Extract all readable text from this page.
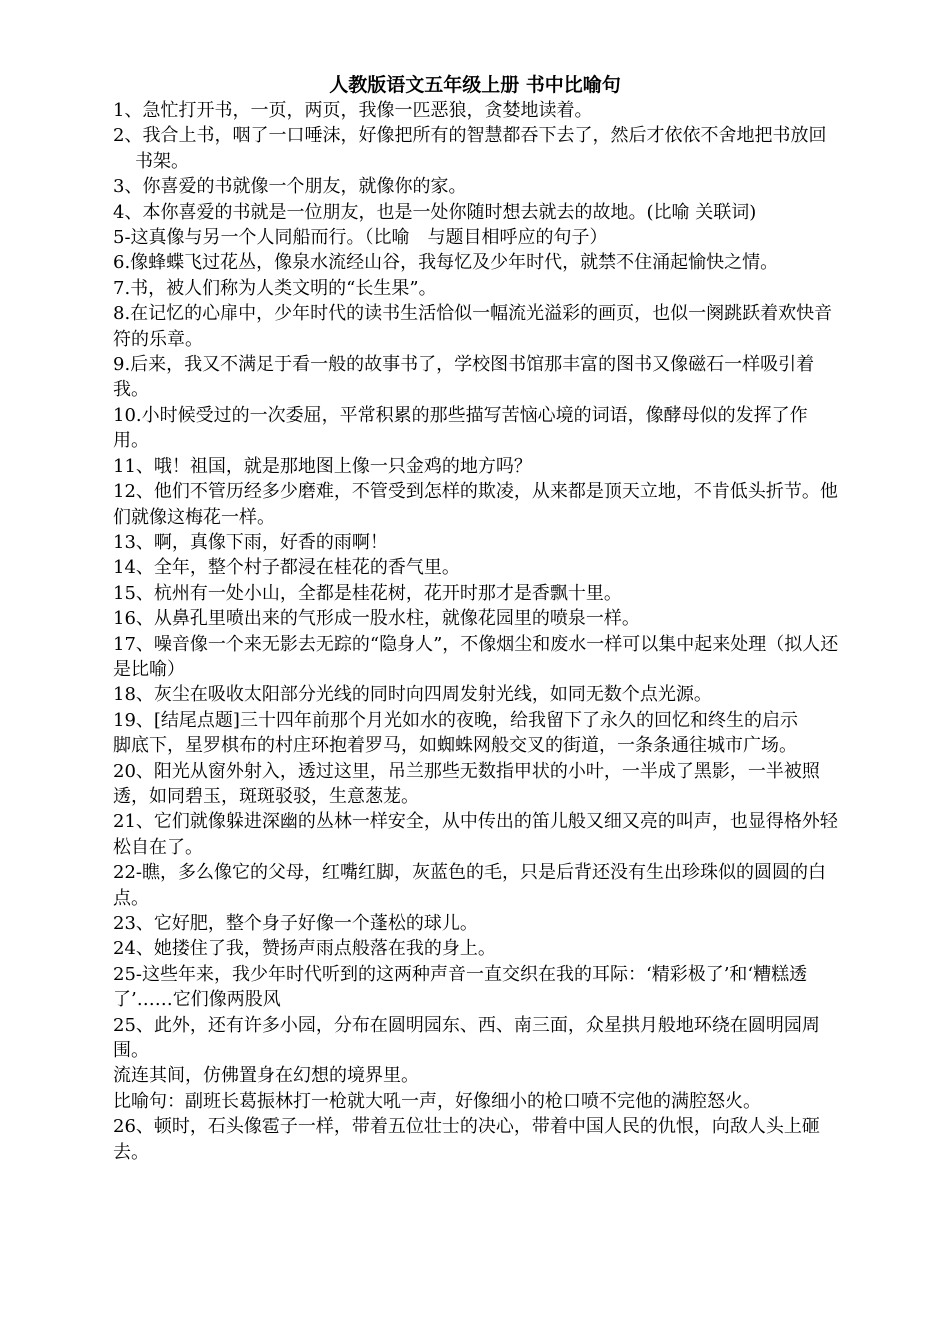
人教版语文五年级上册 书中比喻句

1、急忙打开书，一页，两页，我像一匹恶狼，贪婪地读着。

2、我合上书，咽了一口唾沫，好像把所有的智慧都吞下去了，然后才依依不舍地把书放回书架。

3、你喜爱的书就像一个朋友，就像你的家。

4、本你喜爱的书就是一位朋友，也是一处你随时想去就去的故地。(比喻 关联词)

5-这真像与另一个人同船而行。（比喻　与题目相呼应的句子）

6.像蜂蝶飞过花丛，像泉水流经山谷，我每忆及少年时代，就禁不住涌起愉快之情。

7.书，被人们称为人类文明的“长生果”。

8.在记忆的心扉中，少年时代的读书生活恰似一幅流光溢彩的画页，也似一阕跳跃着欢快音符的乐章。

9.后来，我又不满足于看一般的故事书了，学校图书馆那丰富的图书又像磁石一样吸引着我。

10.小时候受过的一次委屈，平常积累的那些描写苦恼心境的词语，像酵母似的发挥了作用。

11、哦！祖国，就是那地图上像一只金鸡的地方吗？

12、他们不管历经多少磨难，不管受到怎样的欺凌，从来都是顶天立地，不肯低头折节。他们就像这梅花一样。

13、啊，真像下雨，好香的雨啊！

14、全年，整个村子都浸在桂花的香气里。

15、杭州有一处小山，全都是桂花树，花开时那才是香飘十里。

16、从鼻孔里喷出来的气形成一股水柱，就像花园里的喷泉一样。

17、噪音像一个来无影去无踪的“隐身人”，不像烟尘和废水一样可以集中起来处理（拟人还是比喻）

18、灰尘在吸收太阳部分光线的同时向四周发射光线，如同无数个点光源。

19、[结尾点题]三十四年前那个月光如水的夜晚，给我留下了永久的回忆和终生的启示

脚底下，星罗棋布的村庄环抱着罗马，如蜘蛛网般交叉的街道，一条条通往城市广场。

20、阳光从窗外射入，透过这里，吊兰那些无数指甲状的小叶，一半成了黑影，一半被照透，如同碧玉，斑斑驳驳，生意葱茏。

21、它们就像躲进深幽的丛林一样安全，从中传出的笛儿般又细又亮的叫声，也显得格外轻松自在了。

22-瞧，多么像它的父母，红嘴红脚，灰蓝色的毛，只是后背还没有生出珍珠似的圆圆的白点。

23、它好肥，整个身子好像一个蓬松的球儿。

24、她搂住了我，赞扬声雨点般落在我的身上。

25-这些年来，我少年时代听到的这两种声音一直交织在我的耳际：‘精彩极了’和‘糟糕透了’……它们像两股风

25、此外，还有许多小园，分布在圆明园东、西、南三面，众星拱月般地环绕在圆明园周围。

流连其间，仿佛置身在幻想的境界里。

比喻句：副班长葛振林打一枪就大吼一声，好像细小的枪口喷不完他的满腔怒火。

26、顿时，石头像雹子一样，带着五位壮士的决心，带着中国人民的仇恨，向敌人头上砸去。
